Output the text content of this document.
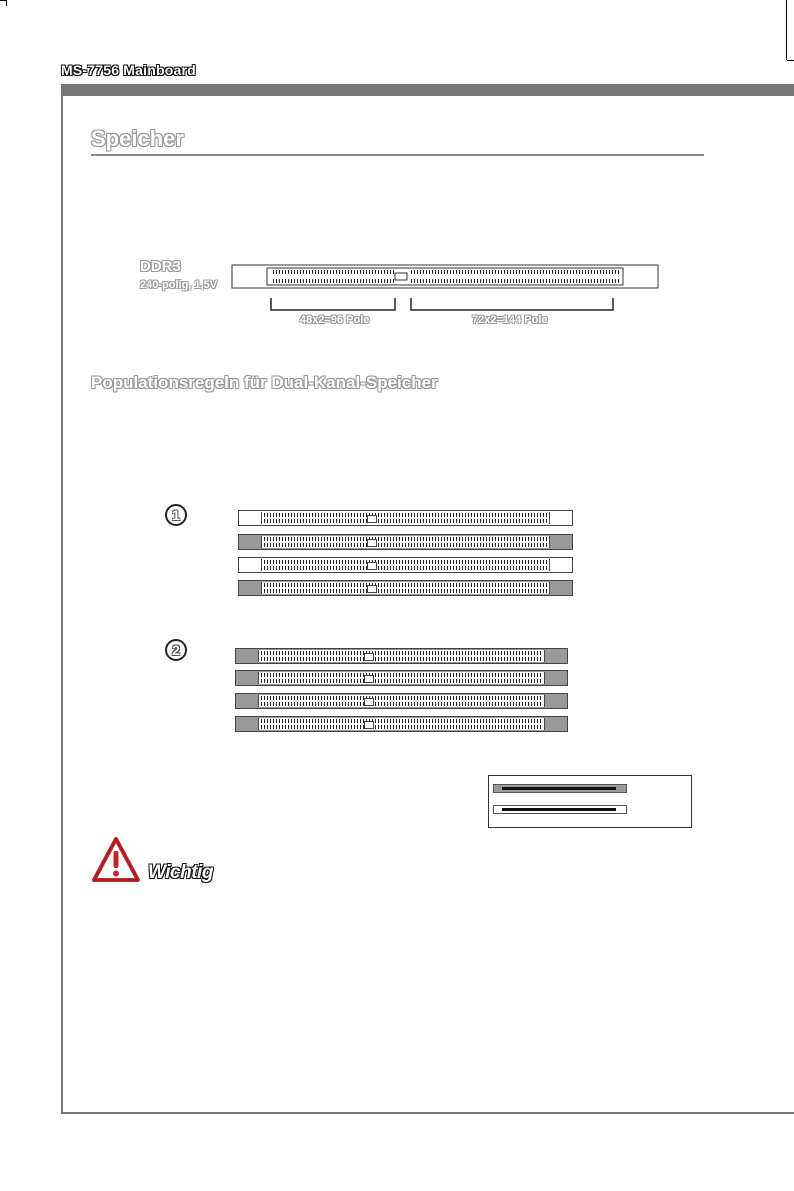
MS-7756 Mainboard
Speicher
DDR3
240-polig, 1,5V
48x2=96 Pole	72x2=144 Pole
Populationsregeln für Dual-Kanal-Speicher
1
2
Wichtig
